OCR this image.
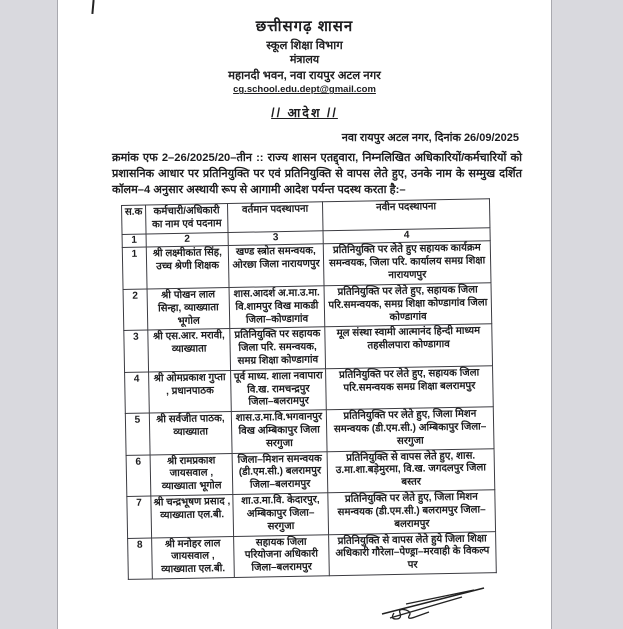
छत्तीसगढ़ शासन
स्कूल शिक्षा विभाग
मंत्रालय
महानदी भवन, नवा रायपुर अटल नगर
cg.school.edu.dept@gmail.com
// आदेश //
नवा रायपुर अटल नगर, दिनांक 26/09/2025
क्रमांक एफ 2–26/2025/20–तीन :: राज्य शासन एतद्द्वारा, निम्नलिखित अधिकारियों/कर्मचारियों को प्रशासनिक आधार पर प्रतिनियुक्ति पर एवं प्रतिनियुक्ति से वापस लेते हुए, उनके नाम के सम्मुख दर्शित कॉलम–4 अनुसार अस्थायी रूप से आगामी आदेश पर्यन्त पदस्थ करता है:–
स.क	कर्मचारी/अधिकारी का नाम एवं पदनाम	वर्तमान पदस्थापना	नवीन पदस्थापना
1	2	3	4
1	श्री लक्ष्मीकांत सिंह, उच्च श्रेणी शिक्षक	खण्ड स्त्रोत समन्वयक, ओरछा जिला नारायणपुर	प्रतिनियुक्ति पर लेते हुए सहायक कार्यक्रम समन्वयक, जिला परि. कार्यालय समग्र शिक्षा नारायणपुर
2	श्री पोखन लाल सिन्हा, व्याख्याता भूगोल	शास.आदर्श अ.मा.उ.मा. वि.शामपुर विख माकडी जिला–कोण्डागांव	प्रतिनियुक्ति पर लेते हुए, सहायक जिला परि.समन्वयक, समग्र शिक्षा कोण्डागांव जिला कोण्डागांव
3	श्री एस.आर. मरावी, व्याख्याता	प्रतिनियुक्ति पर सहायक जिला परि. समन्वयक, समग्र शिक्षा कोण्डागांव	मूल संस्था स्वामी आत्मानंद हिन्दी माध्यम तहसीलपारा कोण्डागाव
4	श्री ओमप्रकाश गुप्ता , प्रधानपाठक	पूर्व माध्य. शाला नवापारा वि.ख. रामचन्द्रपुर जिला–बलरामपुर	प्रतिनियुक्ति पर लेते हुए, सहायक जिला परि.समन्वयक समग्र शिक्षा बलरामपुर
5	श्री सर्वजीत पाठक, व्याख्याता	शास.उ.मा.वि.भगवानपुर विख अम्बिकापुर जिला सरगुजा	प्रतिनियुक्ति पर लेते हुए, जिला मिशन समन्वयक (डी.एम.सी.) अम्बिकापुर जिला–सरगुजा
6	श्री रामप्रकाश जायसवाल , व्याख्याता भूगोल	जिला–मिशन समन्वयक (डी.एम.सी.) बलरामपुर जिला–बलरामपुर	प्रतिनियुक्ति से वापस लेते हुए, शास. उ.मा.शा.बड़ेमुरमा, वि.ख. जगदलपुर जिला बस्तर
7	श्री चन्द्रभूषण प्रसाद , व्याख्याता एल.बी.	शा.उ.मा.वि. केदारपुर, अम्बिकापुर जिला–सरगुजा	प्रतिनियुक्ति पर लेते हुए, जिला मिशन समन्वयक (डी.एम.सी.) बलरामपुर जिला–बलरामपुर
8	श्री मनोहर लाल जायसवाल , व्याख्याता एल.बी.	सहायक जिला परियोजना अधिकारी जिला–बलरामपुर	प्रतिनियुक्ति से वापस लेते हुये जिला शिक्षा अधिकारी गौरेला–पेण्ड्रा–मरवाही के विकल्प पर
